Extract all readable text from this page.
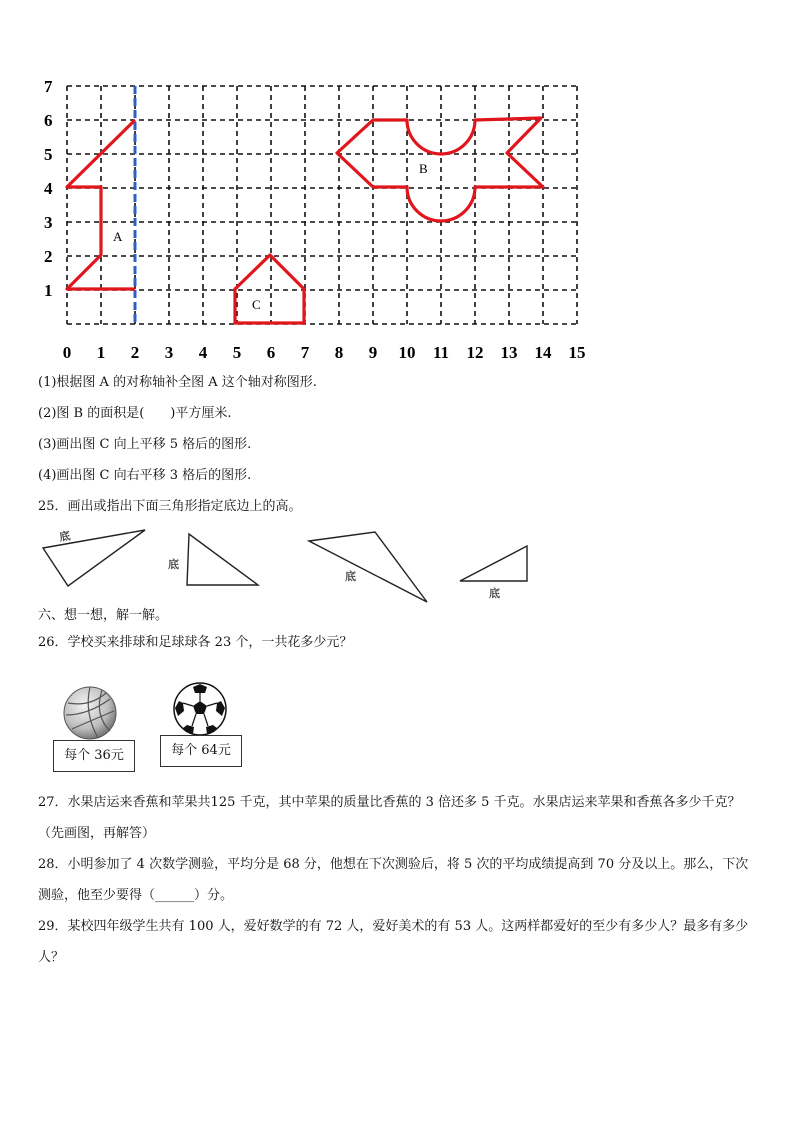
A
B
C
7
6
5
4
3
2
1
0 1 2 3 4 5 6 7 8 9 10 11 12 13 14 15
(1)根据图 A 的对称轴补全图 A 这个轴对称图形.
(2)图 B 的面积是(　　)平方厘米.
(3)画出图 C 向上平移 5 格后的图形.
(4)画出图 C 向右平移 3 格后的图形.
25．画出或指出下面三角形指定底边上的高。
底
底
底
底
六、想一想，解一解。
26．学校买来排球和足球球各 23 个，一共花多少元？
每个 36元	每个 64元
27．水果店运来香蕉和苹果共125 千克，其中苹果的质量比香蕉的 3 倍还多 5 千克。水果店运来苹果和香蕉各多少千克？（先画图，再解答）
28．小明参加了 4 次数学测验，平均分是 68 分，他想在下次测验后，将 5 次的平均成绩提高到 70 分及以上。那么，下次测验，他至少要得（______）分。
29．某校四年级学生共有 100 人，爱好数学的有 72 人，爱好美术的有 53 人。这两样都爱好的至少有多少人？最多有多少人？
